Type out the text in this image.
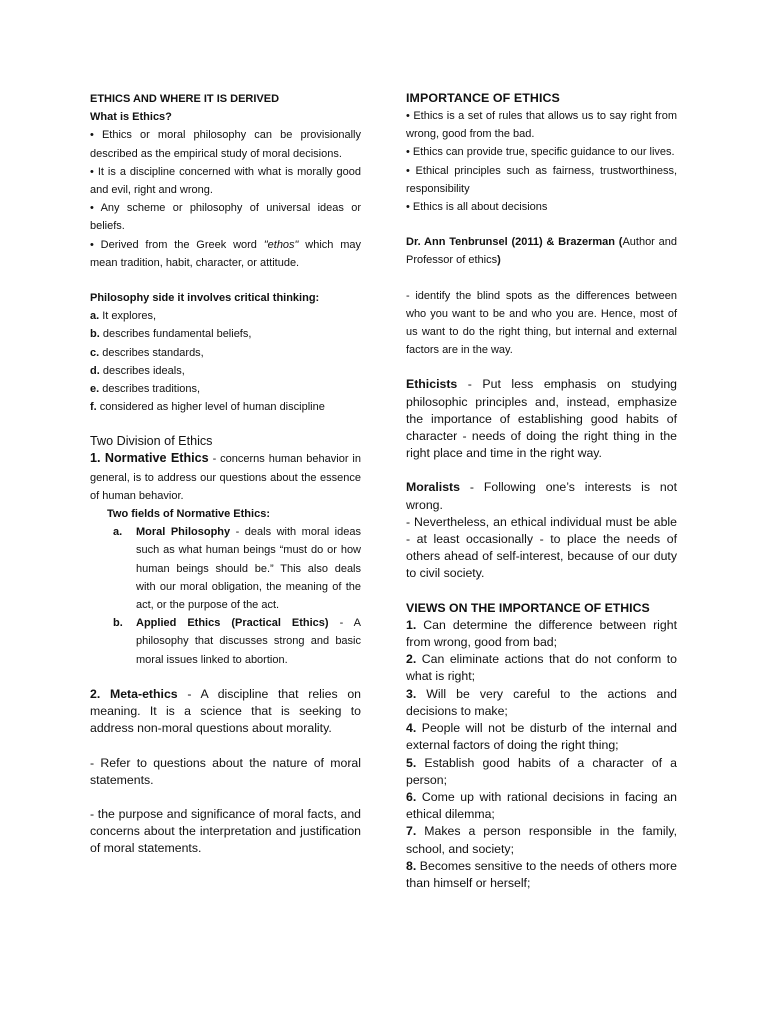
ETHICS AND WHERE IT IS DERIVED

What is Ethics?

• Ethics or moral philosophy can be provisionally described as the empirical study of moral decisions.

• It is a discipline concerned with what is morally good and evil, right and wrong.

• Any scheme or philosophy of universal ideas or beliefs.

• Derived from the Greek word "ethos" which may mean tradition, habit, character, or attitude.

Philosophy side it involves critical thinking:

a. It explores,

b. describes fundamental beliefs,

c. describes standards,

d. describes ideals,

e. describes traditions,

f. considered as higher level of human discipline

Two Division of Ethics

1. Normative Ethics - concerns human behavior in general, is to address our questions about the essence of human behavior.

Two fields of Normative Ethics:

a. Moral Philosophy - deals with moral ideas such as what human beings “must do or how human beings should be.” This also deals with our moral obligation, the meaning of the act, or the purpose of the act.
b. Applied Ethics (Practical Ethics) - A philosophy that discusses strong and basic moral issues linked to abortion.

2. Meta-ethics - A discipline that relies on meaning. It is a science that is seeking to address non-moral questions about morality.

- Refer to questions about the nature of moral statements.

- the purpose and significance of moral facts, and concerns about the interpretation and justification of moral statements.

IMPORTANCE OF ETHICS

• Ethics is a set of rules that allows us to say right from wrong, good from the bad.

• Ethics can provide true, specific guidance to our lives.

• Ethical principles such as fairness, trustworthiness, responsibility

• Ethics is all about decisions

Dr. Ann Tenbrunsel (2011) & Brazerman (Author and Professor of ethics)

- identify the blind spots as the differences between who you want to be and who you are. Hence, most of us want to do the right thing, but internal and external factors are in the way.

Ethicists - Put less emphasis on studying philosophic principles and, instead, emphasize the importance of establishing good habits of character - needs of doing the right thing in the right place and time in the right way.

Moralists - Following one’s interests is not wrong.

- Nevertheless, an ethical individual must be able - at least occasionally - to place the needs of others ahead of self-interest, because of our duty to civil society.

VIEWS ON THE IMPORTANCE OF ETHICS

1. Can determine the difference between right from wrong, good from bad;

2. Can eliminate actions that do not conform to what is right;

3. Will be very careful to the actions and decisions to make;

4. People will not be disturb of the internal and external factors of doing the right thing;

5. Establish good habits of a character of a person;

6. Come up with rational decisions in facing an ethical dilemma;

7. Makes a person responsible in the family, school, and society;

8. Becomes sensitive to the needs of others more than himself or herself;
